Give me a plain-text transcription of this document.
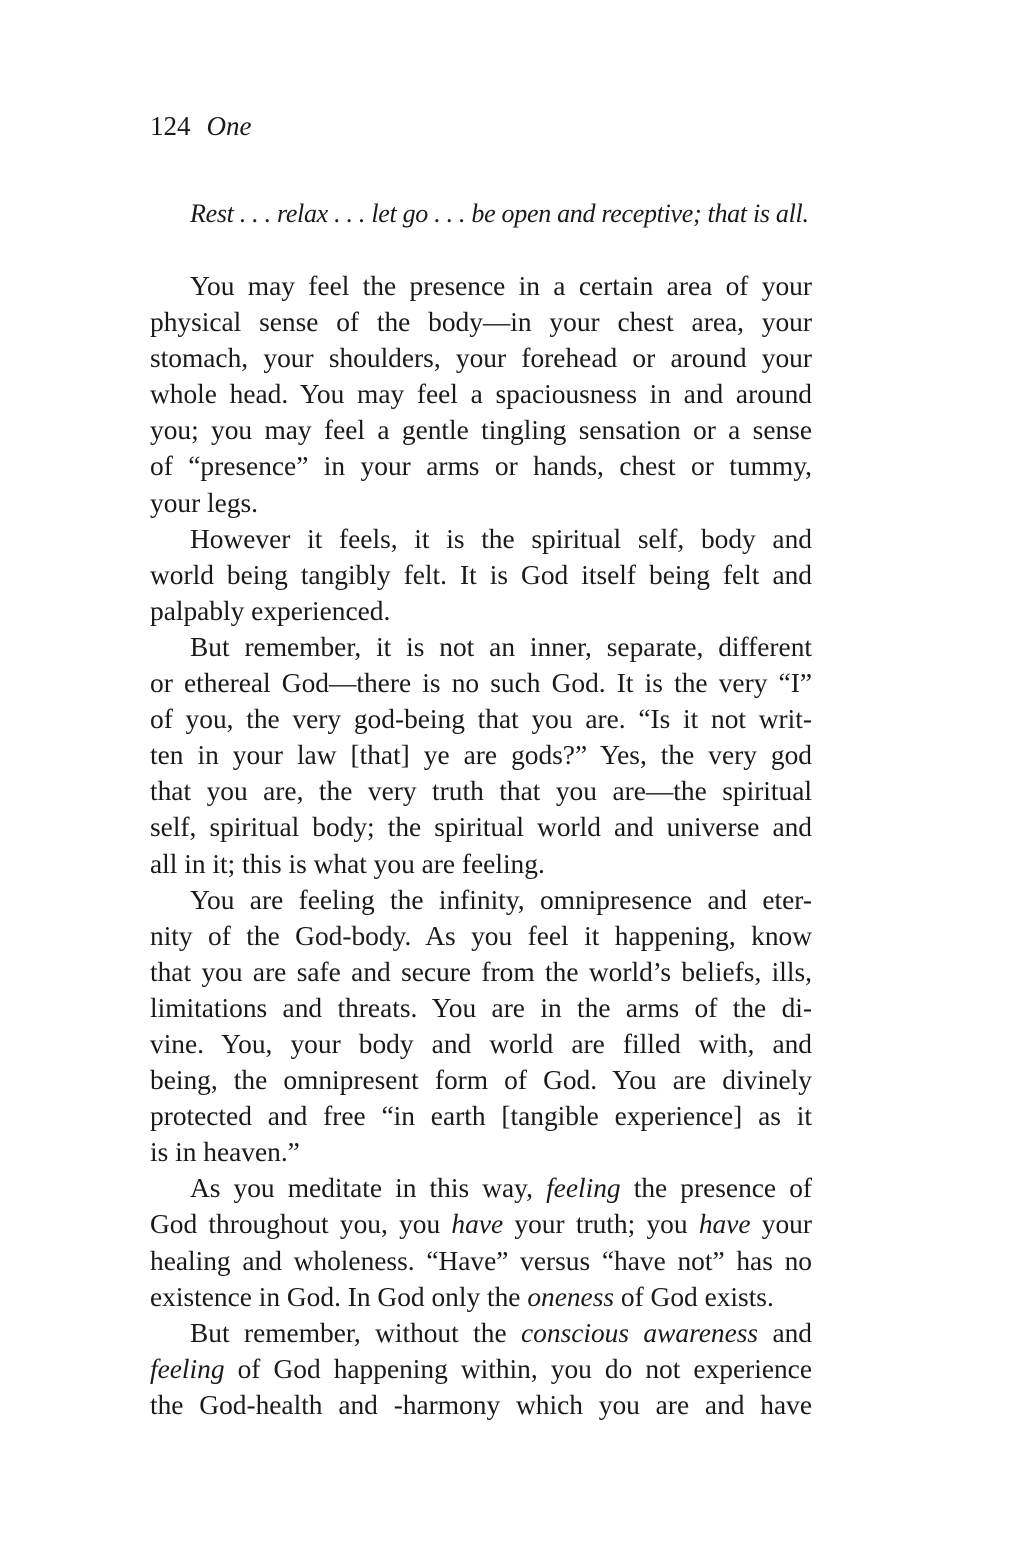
124 One
Rest . . . relax . . . let go . . . be open and receptive; that is all.
You may feel the presence in a certain area of your
physical sense of the body—in your chest area, your
stomach, your shoulders, your forehead or around your
whole head. You may feel a spaciousness in and around
you; you may feel a gentle tingling sensation or a sense
of “presence” in your arms or hands, chest or tummy,
your legs.
However it feels, it is the spiritual self, body and
world being tangibly felt. It is God itself being felt and
palpably experienced.
But remember, it is not an inner, separate, different
or ethereal God—there is no such God. It is the very “I”
of you, the very god-being that you are. “Is it not writ-
ten in your law [that] ye are gods?” Yes, the very god
that you are, the very truth that you are—the spiritual
self, spiritual body; the spiritual world and universe and
all in it; this is what you are feeling.
You are feeling the infinity, omnipresence and eter-
nity of the God-body. As you feel it happening, know
that you are safe and secure from the world’s beliefs, ills,
limitations and threats. You are in the arms of the di-
vine. You, your body and world are filled with, and
being, the omnipresent form of God. You are divinely
protected and free “in earth [tangible experience] as it
is in heaven.”
As you meditate in this way, feeling the presence of
God throughout you, you have your truth; you have your
healing and wholeness. “Have” versus “have not” has no
existence in God. In God only the oneness of God exists.
But remember, without the conscious awareness and
feeling of God happening within, you do not experience
the God-health and -harmony which you are and have
